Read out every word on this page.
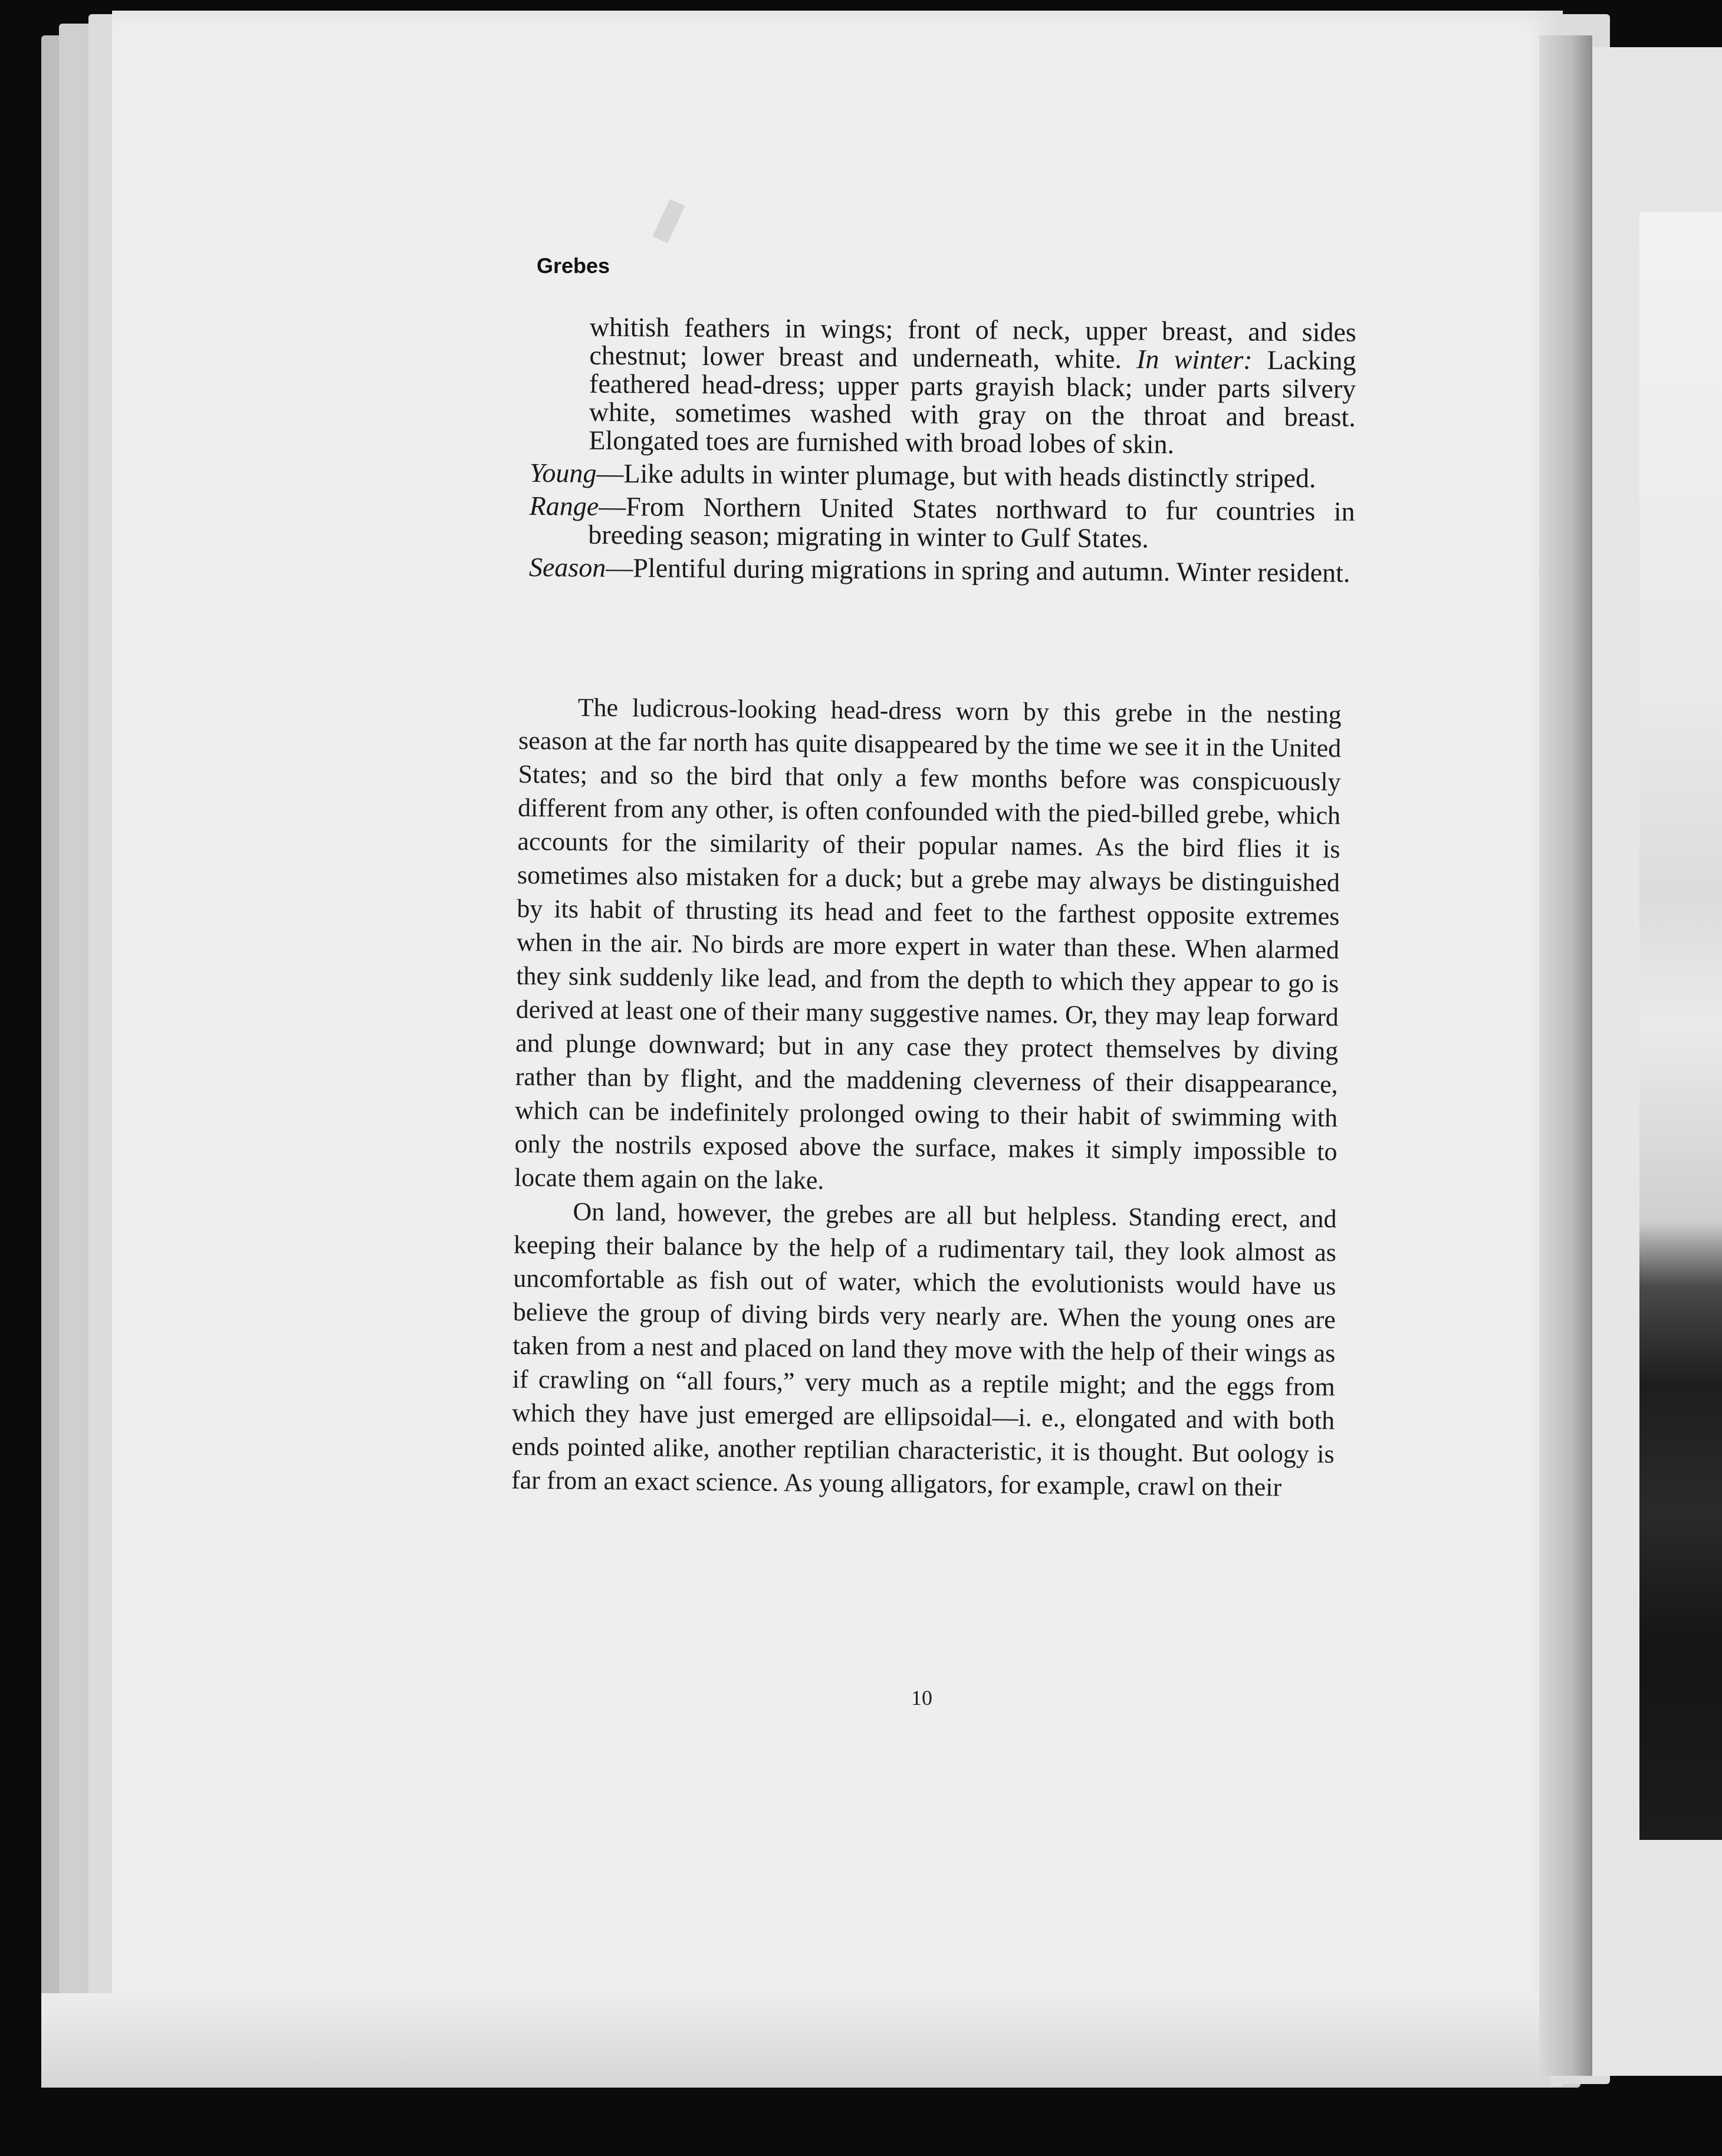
Grebes

whitish feathers in wings; front of neck, upper breast, and sides chestnut; lower breast and underneath, white. In winter: Lacking feathered head-dress; upper parts grayish black; under parts silvery white, sometimes washed with gray on the throat and breast. Elongated toes are furnished with broad lobes of skin.

Young—Like adults in winter plumage, but with heads distinctly striped.

Range—From Northern United States northward to fur countries in breeding season; migrating in winter to Gulf States.

Season—Plentiful during migrations in spring and autumn. Winter resident.

The ludicrous-looking head-dress worn by this grebe in the nesting season at the far north has quite disappeared by the time we see it in the United States; and so the bird that only a few months before was conspicuously different from any other, is often confounded with the pied-billed grebe, which accounts for the similarity of their popular names. As the bird flies it is sometimes also mistaken for a duck; but a grebe may always be distinguished by its habit of thrusting its head and feet to the farthest opposite extremes when in the air. No birds are more expert in water than these. When alarmed they sink suddenly like lead, and from the depth to which they appear to go is derived at least one of their many suggestive names. Or, they may leap forward and plunge downward; but in any case they protect themselves by diving rather than by flight, and the maddening cleverness of their disappearance, which can be indefinitely prolonged owing to their habit of swimming with only the nostrils exposed above the surface, makes it simply impossible to locate them again on the lake.

On land, however, the grebes are all but helpless. Standing erect, and keeping their balance by the help of a rudimentary tail, they look almost as uncomfortable as fish out of water, which the evolutionists would have us believe the group of diving birds very nearly are. When the young ones are taken from a nest and placed on land they move with the help of their wings as if crawling on “all fours,” very much as a reptile might; and the eggs from which they have just emerged are ellipsoidal—i. e., elongated and with both ends pointed alike, another reptilian characteristic, it is thought. But oology is far from an exact science. As young alligators, for example, crawl on their

10
